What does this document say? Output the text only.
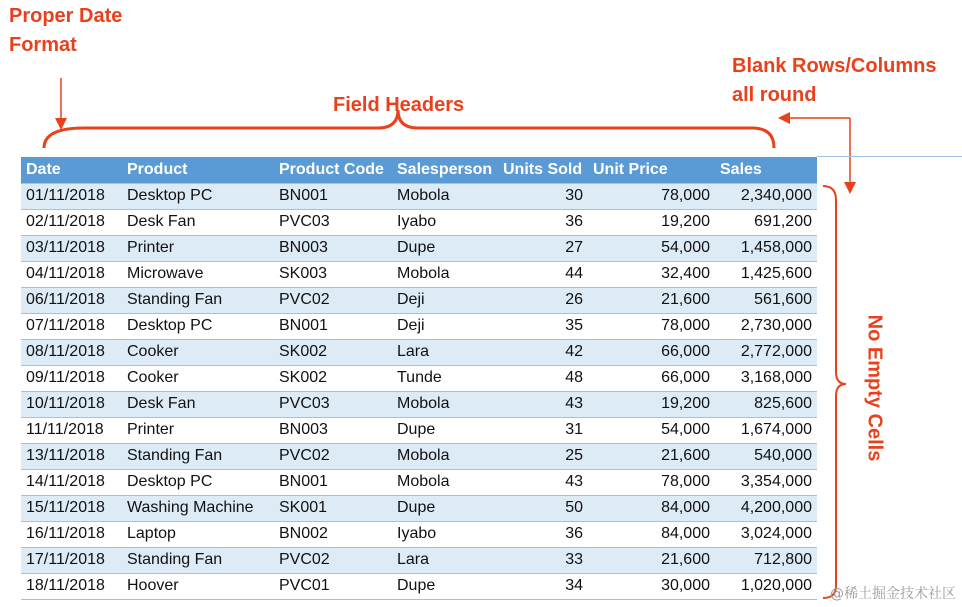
Proper Date
Format
Field Headers
Blank Rows/Columns
all round
No Empty Cells
Date	Product	Product Code	Salesperson	Units Sold	Unit Price	Sales
01/11/2018	Desktop PC	BN001	Mobola	30	78,000	2,340,000
02/11/2018	Desk Fan	PVC03	Iyabo	36	19,200	691,200
03/11/2018	Printer	BN003	Dupe	27	54,000	1,458,000
04/11/2018	Microwave	SK003	Mobola	44	32,400	1,425,600
06/11/2018	Standing Fan	PVC02	Deji	26	21,600	561,600
07/11/2018	Desktop PC	BN001	Deji	35	78,000	2,730,000
08/11/2018	Cooker	SK002	Lara	42	66,000	2,772,000
09/11/2018	Cooker	SK002	Tunde	48	66,000	3,168,000
10/11/2018	Desk Fan	PVC03	Mobola	43	19,200	825,600
11/11/2018	Printer	BN003	Dupe	31	54,000	1,674,000
13/11/2018	Standing Fan	PVC02	Mobola	25	21,600	540,000
14/11/2018	Desktop PC	BN001	Mobola	43	78,000	3,354,000
15/11/2018	Washing Machine	SK001	Dupe	50	84,000	4,200,000
16/11/2018	Laptop	BN002	Iyabo	36	84,000	3,024,000
17/11/2018	Standing Fan	PVC02	Lara	33	21,600	712,800
18/11/2018	Hoover	PVC01	Dupe	34	30,000	1,020,000 @稀土掘金技术社区
